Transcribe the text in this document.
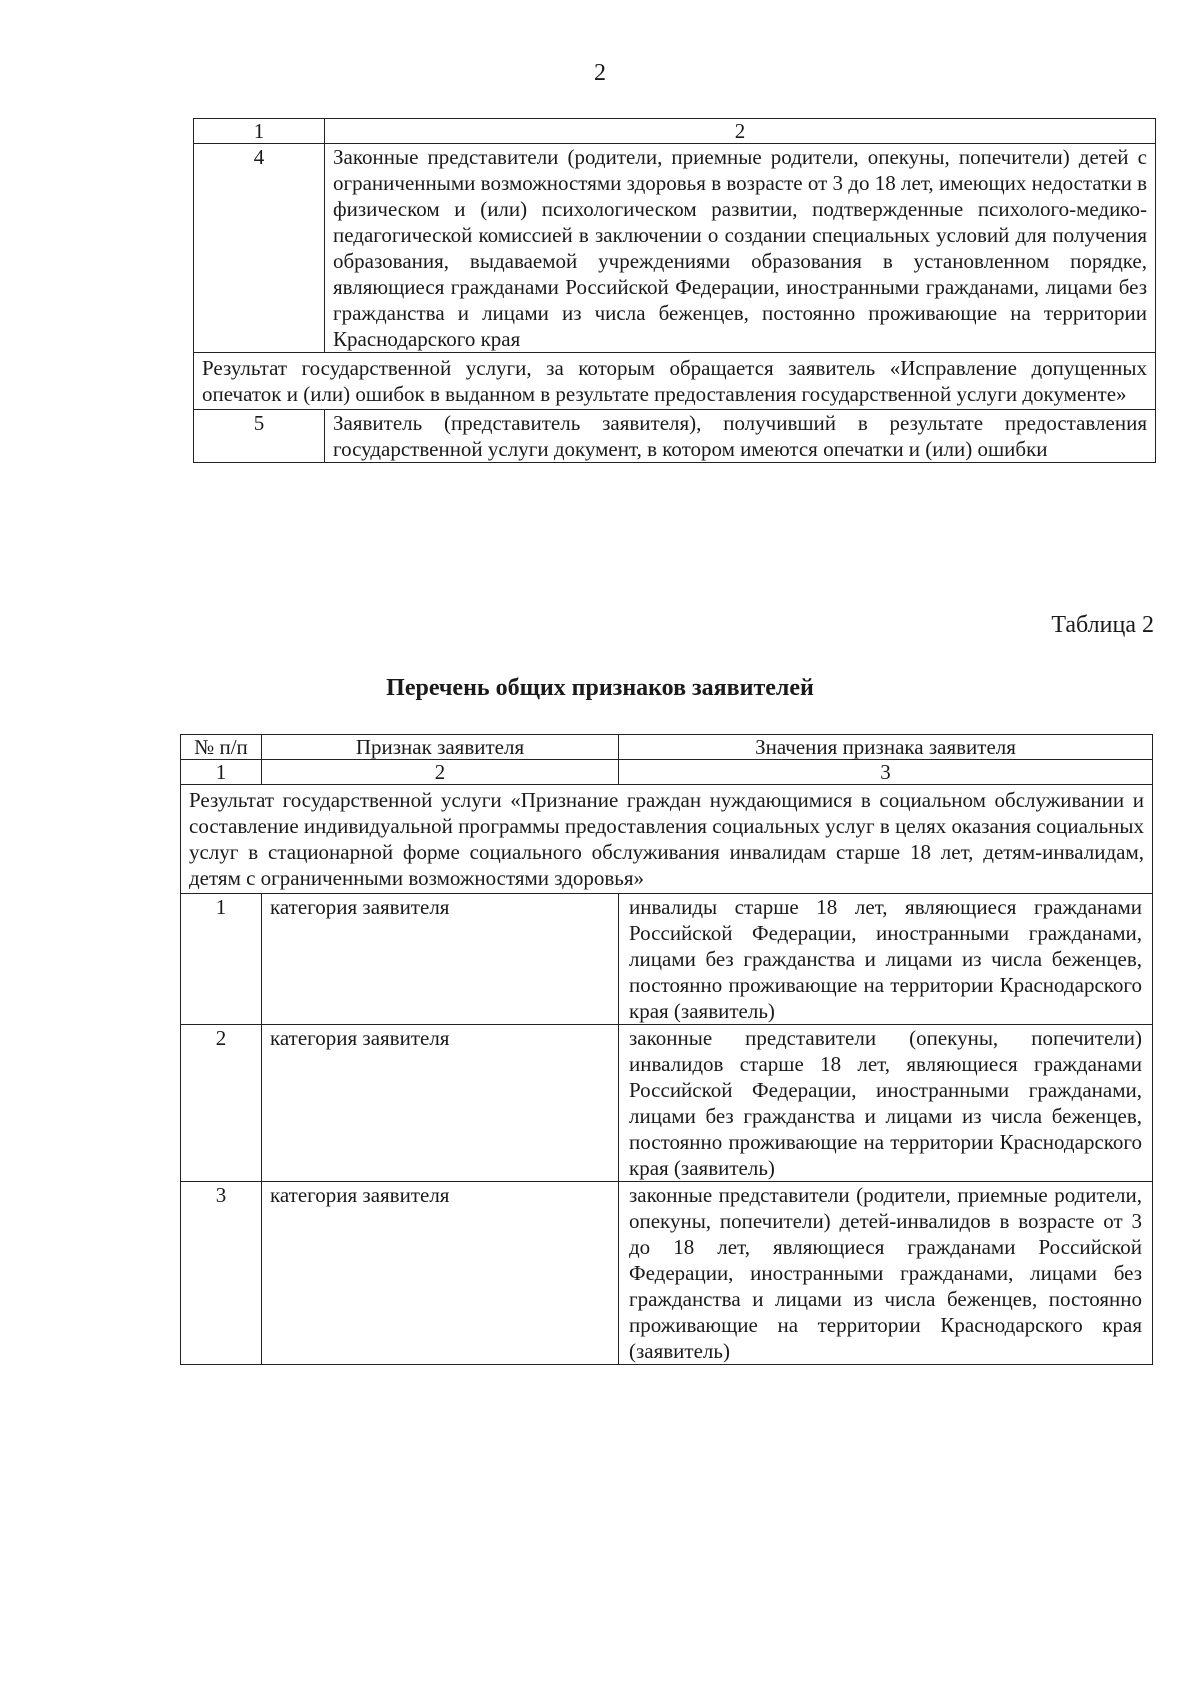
2
1	2
4	Законные представители (родители, приемные родители, опекуны, попечители) детей с ограниченными возможностями здоровья в возрасте от 3 до 18 лет, имеющих недостатки в физическом и (или) психологическом развитии, подтвержденные психолого-медико-педагогической комиссией в заключении о создании специальных условий для получения образования, выдаваемой учреждениями образования в установленном порядке, являющиеся гражданами Российской Федерации, иностранными гражданами, лицами без гражданства и лицами из числа беженцев, постоянно проживающие на территории Краснодарского края
Результат государственной услуги, за которым обращается заявитель «Исправление допущенных опечаток и (или) ошибок в выданном в результате предоставления государственной услуги документе»	
5	Заявитель (представитель заявителя), получивший в результате предоставления государственной услуги документ, в котором имеются опечатки и (или) ошибки
Таблица 2
Перечень общих признаков заявителей
№ п/п	Признак заявителя	Значения признака заявителя
1	2	3
Результат государственной услуги «Признание граждан нуждающимися в социальном обслуживании и составление индивидуальной программы предоставления социальных услуг в целях оказания социальных услуг в стационарной форме социального обслуживания инвалидам старше 18 лет, детям-инвалидам, детям с ограниченными возможностями здоровья»		
1	категория заявителя	инвалиды старше 18 лет, являющиеся гражданами Российской Федерации, иностранными гражданами, лицами без гражданства и лицами из числа беженцев, постоянно проживающие на территории Краснодарского края (заявитель)
2	категория заявителя	законные представители (опекуны, попечители) инвалидов старше 18 лет, являющиеся гражданами Российской Федерации, иностранными гражданами, лицами без гражданства и лицами из числа беженцев, постоянно проживающие на территории Краснодарского края (заявитель)
3	категория заявителя	законные представители (родители, приемные родители, опекуны, попечители) детей-инвалидов в возрасте от 3 до 18 лет, являющиеся гражданами Российской Федерации, иностранными гражданами, лицами без гражданства и лицами из числа беженцев, постоянно проживающие на территории Краснодарского края (заявитель)
